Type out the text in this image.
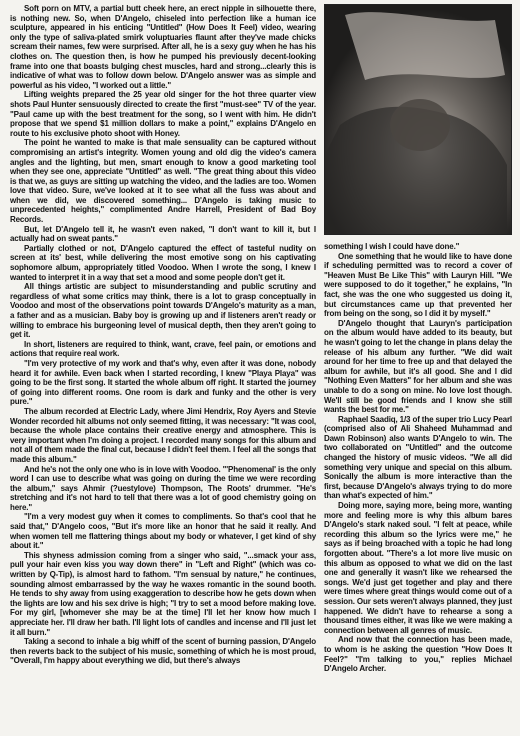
Soft porn on MTV, a partial butt cheek here, an erect nipple in silhouette there, is nothing new. So, when D'Angelo, chiseled into perfection like a human ice sculpture, appeared in his enticing "Untitled" (How Does It Feel) video, wearing only the type of saliva-plated smirk voluptuaries flaunt after they've made chicks scream their names, few were surprised. After all, he is a sexy guy when he has his clothes on. The question then, is how he pumped his previously decent-looking frame into one that boasts bulging chest muscles, hard and strong...clearly this is indicative of what was to follow down below. D'Angelo answer was as simple and powerful as his video, "I worked out a little."

Lifting weights prepared the 25 year old singer for the hot three quarter view shots Paul Hunter sensuously directed to create the first "must-see" TV of the year. "Paul came up with the best treatment for the song, so I went with him. He didn't propose that we spend $1 million dollars to make a point," explains D'Angelo en route to his exclusive photo shoot with Honey.

The point he wanted to make is that male sensuality can be captured without compromising an artist's integrity. Women young and old dig the video's camera angles and the lighting, but men, smart enough to know a good marketing tool when they see one, appreciate "Untitled" as well. "The great thing about this video is that we, as guys are sitting up watching the video, and the ladies are too. Women love that video. Sure, we've looked at it to see what all the fuss was about and when we did, we discovered something... D'Angelo is taking music to unprecedented heights," complimented Andre Harrell, President of Bad Boy Records.

But, let D'Angelo tell it, he wasn't even naked, "I don't want to kill it, but I actually had on sweat pants."

Partially clothed or not, D'Angelo captured the effect of tasteful nudity on screen at its' best, while delivering the most emotive song on his captivating sophomore album, appropriately titled Voodoo. When I wrote the song, I knew I wanted to interpret it in a way that set a mood and some people don't get it.

All things artistic are subject to misunderstanding and public scrutiny and regardless of what some critics may think, there is a lot to grasp conceptually in Voodoo and most of the observations point towards D'Angelo's maturity as a man, a father and as a musician. Baby boy is growing up and if listeners aren't ready or willing to embrace his burgeoning level of musical depth, then they aren't going to get it.

In short, listeners are required to think, want, crave, feel pain, or emotions and actions that require real work.

"I'm very protective of my work and that's why, even after it was done, nobody heard it for awhile. Even back when I started recording, I knew "Playa Playa" was going to be the first song. It started the whole album off right. It started the journey of going into different rooms. One room is dark and funky and the other is very pure."

The album recorded at Electric Lady, where Jimi Hendrix, Roy Ayers and Stevie Wonder recorded hit albums not only seemed fitting, it was necessary: "It was cool, because the whole place contains their creative energy and atmosphere. This is very important when I'm doing a project. I recorded many songs for this album and not all of them made the final cut, because I didn't feel them. I feel all the songs that made this album."

And he's not the only one who is in love with Voodoo. "'Phenomenal' is the only word I can use to describe what was going on during the time we were recording the album," says Ahmir (?uestylove) Thompson, The Roots' drummer. "He's stretching and it's not hard to tell that there was a lot of good chemistry going on here."

"I'm a very modest guy when it comes to compliments. So that's cool that he said that," D'Angelo coos, "But it's more like an honor that he said it really. And when women tell me flattering things about my body or whatever, I get kind of shy about it."

This shyness admission coming from a singer who said, "...smack your ass, pull your hair even kiss you way down there" in "Left and Right" (which was co-written by Q-Tip), is almost hard to fathom. "I'm sensual by nature," he continues, sounding almost embarrassed by the way he waxes romantic in the sound booth. He tends to shy away from using exaggeration to describe how he gets down when the lights are low and his sex drive is high; "I try to set a mood before making love. For my girl, [whomever she may be at the time] I'll let her know how much I appreciate her. I'll draw her bath. I'll light lots of candles and incense and I'll just let it all burn."

Taking a second to inhale a big whiff of the scent of burning passion, D'Angelo then reverts back to the subject of his music, something of which he is most proud, "Overall, I'm happy about everything we did, but there's always

something I wish I could have done."

One something that he would like to have done if scheduling permitted was to record a cover of "Heaven Must Be Like This" with Lauryn Hill. "We were supposed to do it together," he explains, "In fact, she was the one who suggested us doing it, but circumstances came up that prevented her from being on the song, so I did it by myself."

D'Angelo thought that Lauryn's participation on the album would have added to its beauty, but he wasn't going to let the change in plans delay the release of his album any further. "We did wait around for her time to free up and that delayed the album for awhile, but it's all good. She and I did "Nothing Even Matters" for her album and she was unable to do a song on mine. No love lost though. We'll still be good friends and I know she still wants the best for me."

Raphael Saadiq, 1/3 of the super trio Lucy Pearl (comprised also of Ali Shaheed Muhammad and Dawn Robinson) also wants D'Angelo to win. The two collaborated on "Untitled" and the outcome changed the history of music videos. "We all did something very unique and special on this album. Sonically the album is more interactive than the first, because D'Angelo's always trying to do more than what's expected of him."

Doing more, saying more, being more, wanting more and feeling more is why this album bares D'Angelo's stark naked soul. "I felt at peace, while recording this album so the lyrics were me," he says as if being broached with a topic he had long forgotten about. "There's a lot more live music on this album as opposed to what we did on the last one and generally it wasn't like we rehearsed the songs. We'd just get together and play and there were times where great things would come out of a session. Our sets weren't always planned, they just happened. We didn't have to rehearse a song a thousand times either, it was like we were making a connection between all genres of music.

And now that the connection has been made, to whom is he asking the question "How Does It Feel?" "I'm talking to you," replies Michael D'Angelo Archer.
